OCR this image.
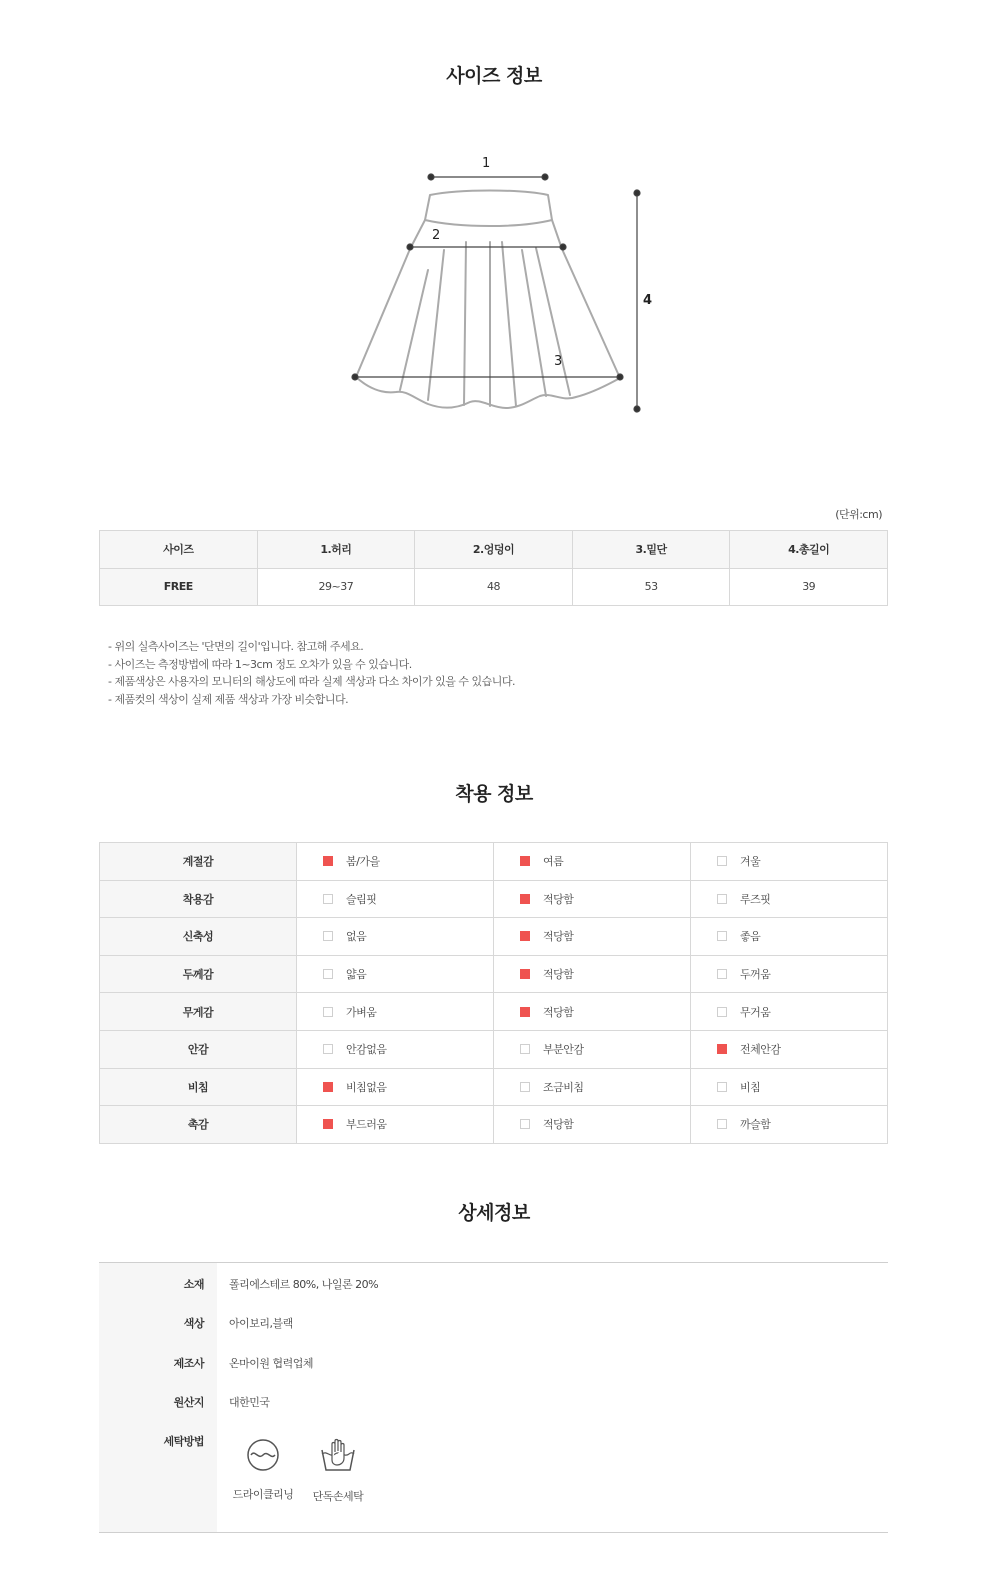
사이즈 정보
1
2
3
4
(단위:cm)
사이즈	1.허리	2.엉덩이	3.밑단	4.총길이
FREE	29~37	48	53	39
- 위의 실측사이즈는 '단면의 길이'입니다. 참고해 주세요.
- 사이즈는 측정방법에 따라 1~3cm 정도 오차가 있을 수 있습니다.
- 제품색상은 사용자의 모니터의 해상도에 따라 실제 색상과 다소 차이가 있을 수 있습니다.
- 제품컷의 색상이 실제 제품 색상과 가장 비슷합니다.
착용 정보
계절감	봄/가을	여름	겨울
착용감	슬림핏	적당함	루즈핏
신축성	없음	적당함	좋음
두께감	얇음	적당함	두꺼움
무게감	가벼움	적당함	무거움
안감	안감없음	부분안감	전체안감
비침	비침없음	조금비침	비침
촉감	부드러움	적당함	까슬함
상세정보
소재 폴리에스테르 80%, 나일론 20%
색상 아이보리,블랙
제조사 온마이원 협력업체
원산지 대한민국
세탁방법
드라이클리닝	단독손세탁
